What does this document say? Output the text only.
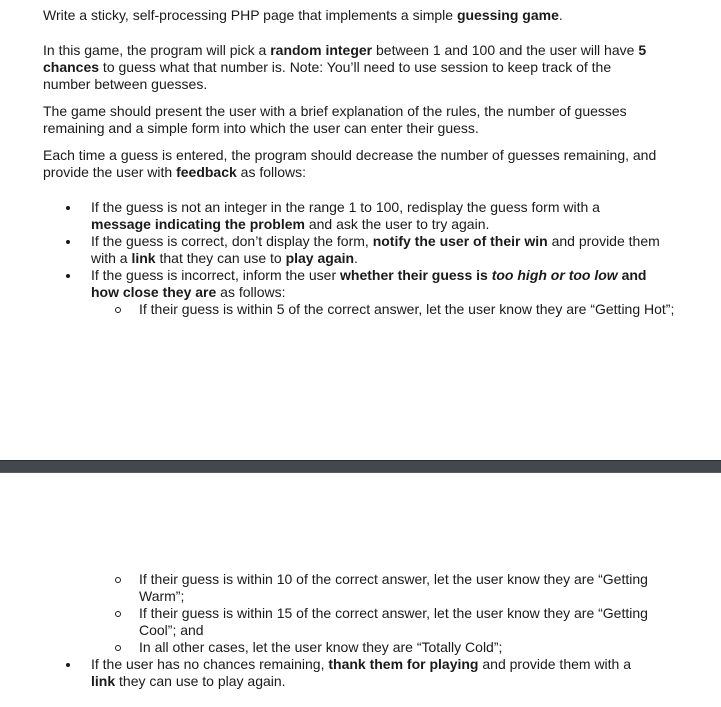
Write a sticky, self-processing PHP page that implements a simple guessing game.

In this game, the program will pick a random integer between 1 and 100 and the user will have 5 chances to guess what that number is. Note: You’ll need to use session to keep track of the number between guesses.

The game should present the user with a brief explanation of the rules, the number of guesses remaining and a simple form into which the user can enter their guess.

Each time a guess is entered, the program should decrease the number of guesses remaining, and provide the user with feedback as follows:

If the guess is not an integer in the range 1 to 100, redisplay the guess form with a message indicating the problem and ask the user to try again.
If the guess is correct, don’t display the form, notify the user of their win and provide them with a link that they can use to play again.
If the guess is incorrect, inform the user whether their guess is too high or too low and how close they are as follows:
If their guess is within 5 of the correct answer, let the user know they are “Getting Hot”;
If their guess is within 10 of the correct answer, let the user know they are “Getting Warm”;
If their guess is within 15 of the correct answer, let the user know they are “Getting Cool”; and
In all other cases, let the user know they are “Totally Cold”;
If the user has no chances remaining, thank them for playing and provide them with a link they can use to play again.
